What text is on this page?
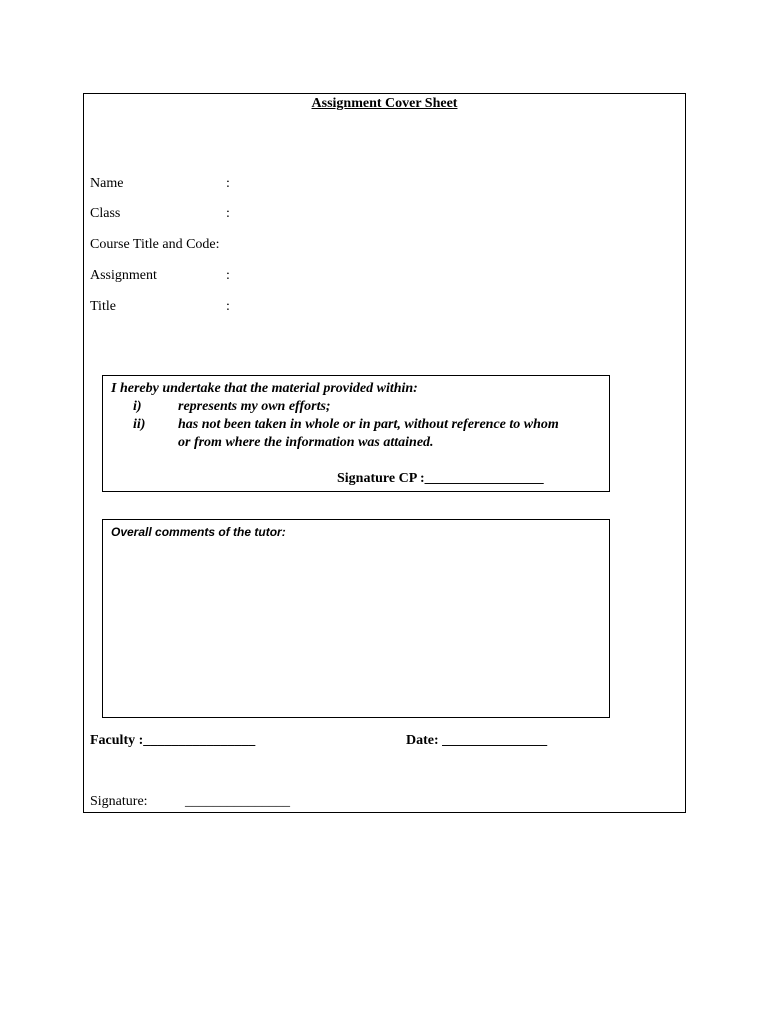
Assignment Cover Sheet
Name	:
Class	:
Course Title and Code:
Assignment	:
Title	:
I hereby undertake that the material provided within:
i)	represents my own efforts;
ii) has not been taken in whole or in part, without reference to whom
or from where the information was attained.
Signature CP :_________________
Overall comments of the tutor:
Faculty :________________	Date: _______________
Signature:	_______________
